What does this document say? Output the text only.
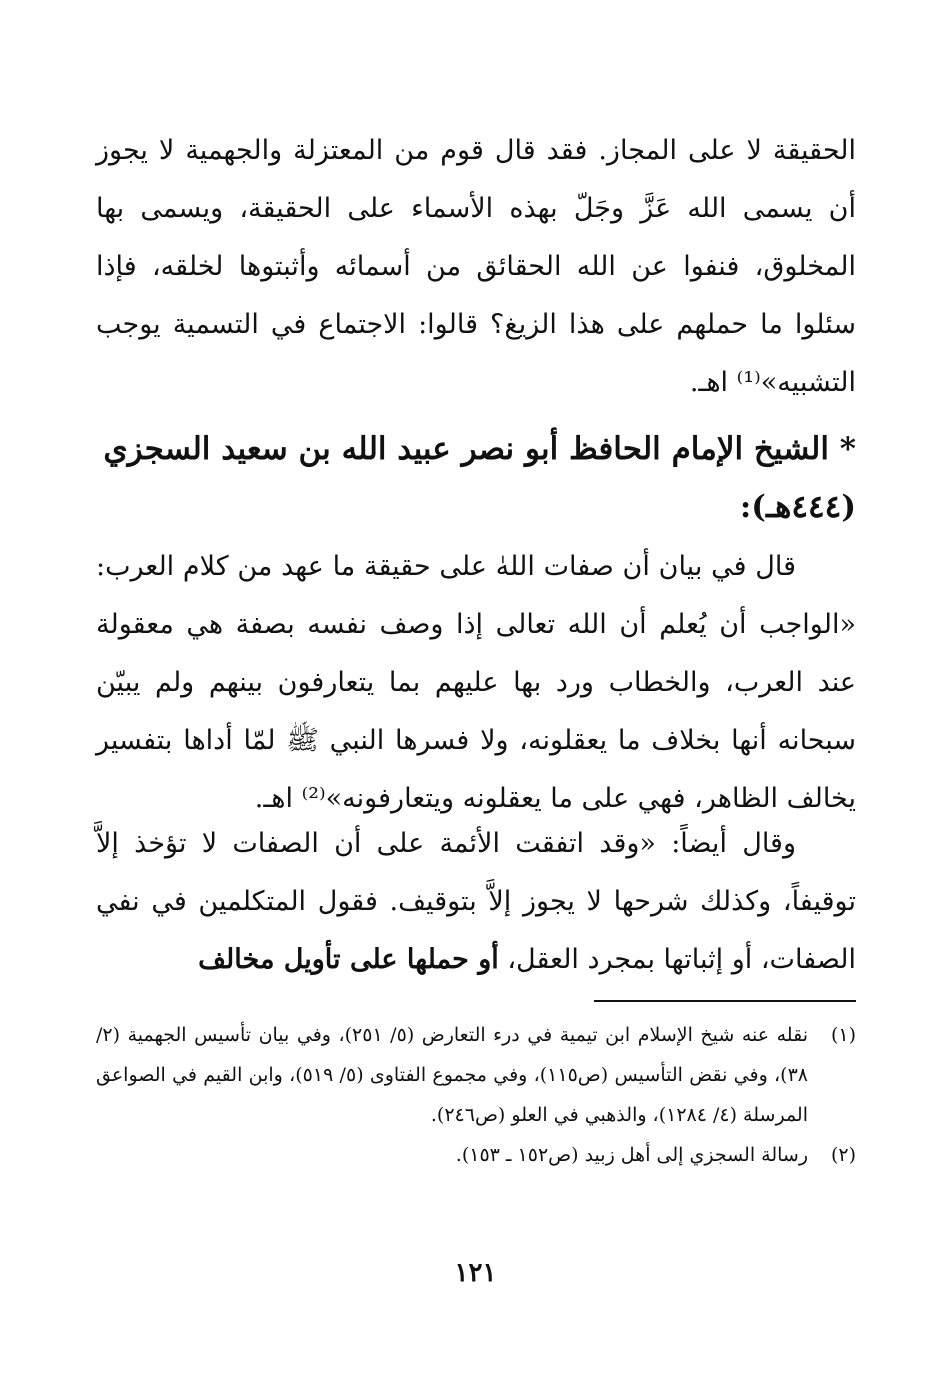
الحقيقة لا على المجاز. فقد قال قوم من المعتزلة والجهمية لا يجوز أن يسمى الله عَزَّ وجَلّ بهذه الأسماء على الحقيقة، ويسمى بها المخلوق، فنفوا عن الله الحقائق من أسمائه وأثبتوها لخلقه، فإذا سئلوا ما حملهم على هذا الزيغ؟ قالوا: الاجتماع في التسمية يوجب التشبيه»⁽¹⁾ اهـ.

* الشيخ الإمام الحافظ أبو نصر عبيد الله بن سعيد السجزي (٤٤٤هـ):

قال في بيان أن صفات اللهٰ على حقيقة ما عهد من كلام العرب: «الواجب أن يُعلم أن الله تعالى إذا وصف نفسه بصفة هي معقولة عند العرب، والخطاب ورد بها عليهم بما يتعارفون بينهم ولم يبيّن سبحانه أنها بخلاف ما يعقلونه، ولا فسرها النبي ﷺ لمّا أداها بتفسير يخالف الظاهر، فهي على ما يعقلونه ويتعارفونه»⁽²⁾ اهـ.

وقال أيضاً: «وقد اتفقت الأئمة على أن الصفات لا تؤخذ إلاَّ توقيفاً، وكذلك شرحها لا يجوز إلاَّ بتوقيف. فقول المتكلمين في نفي الصفات، أو إثباتها بمجرد العقل، أو حملها على تأويل مخالف

(١)
نقله عنه شيخ الإسلام ابن تيمية في درء التعارض (٥/ ٢٥١)، وفي بيان تأسيس الجهمية (٢/ ٣٨)، وفي نقض التأسيس (ص١١٥)، وفي مجموع الفتاوى (٥/ ٥١٩)، وابن القيم في الصواعق المرسلة (٤/ ١٢٨٤)، والذهبي في العلو (ص٢٤٦).
(٢)
رسالة السجزي إلى أهل زبيد (ص١٥٢ ـ ١٥٣).
١٢١
